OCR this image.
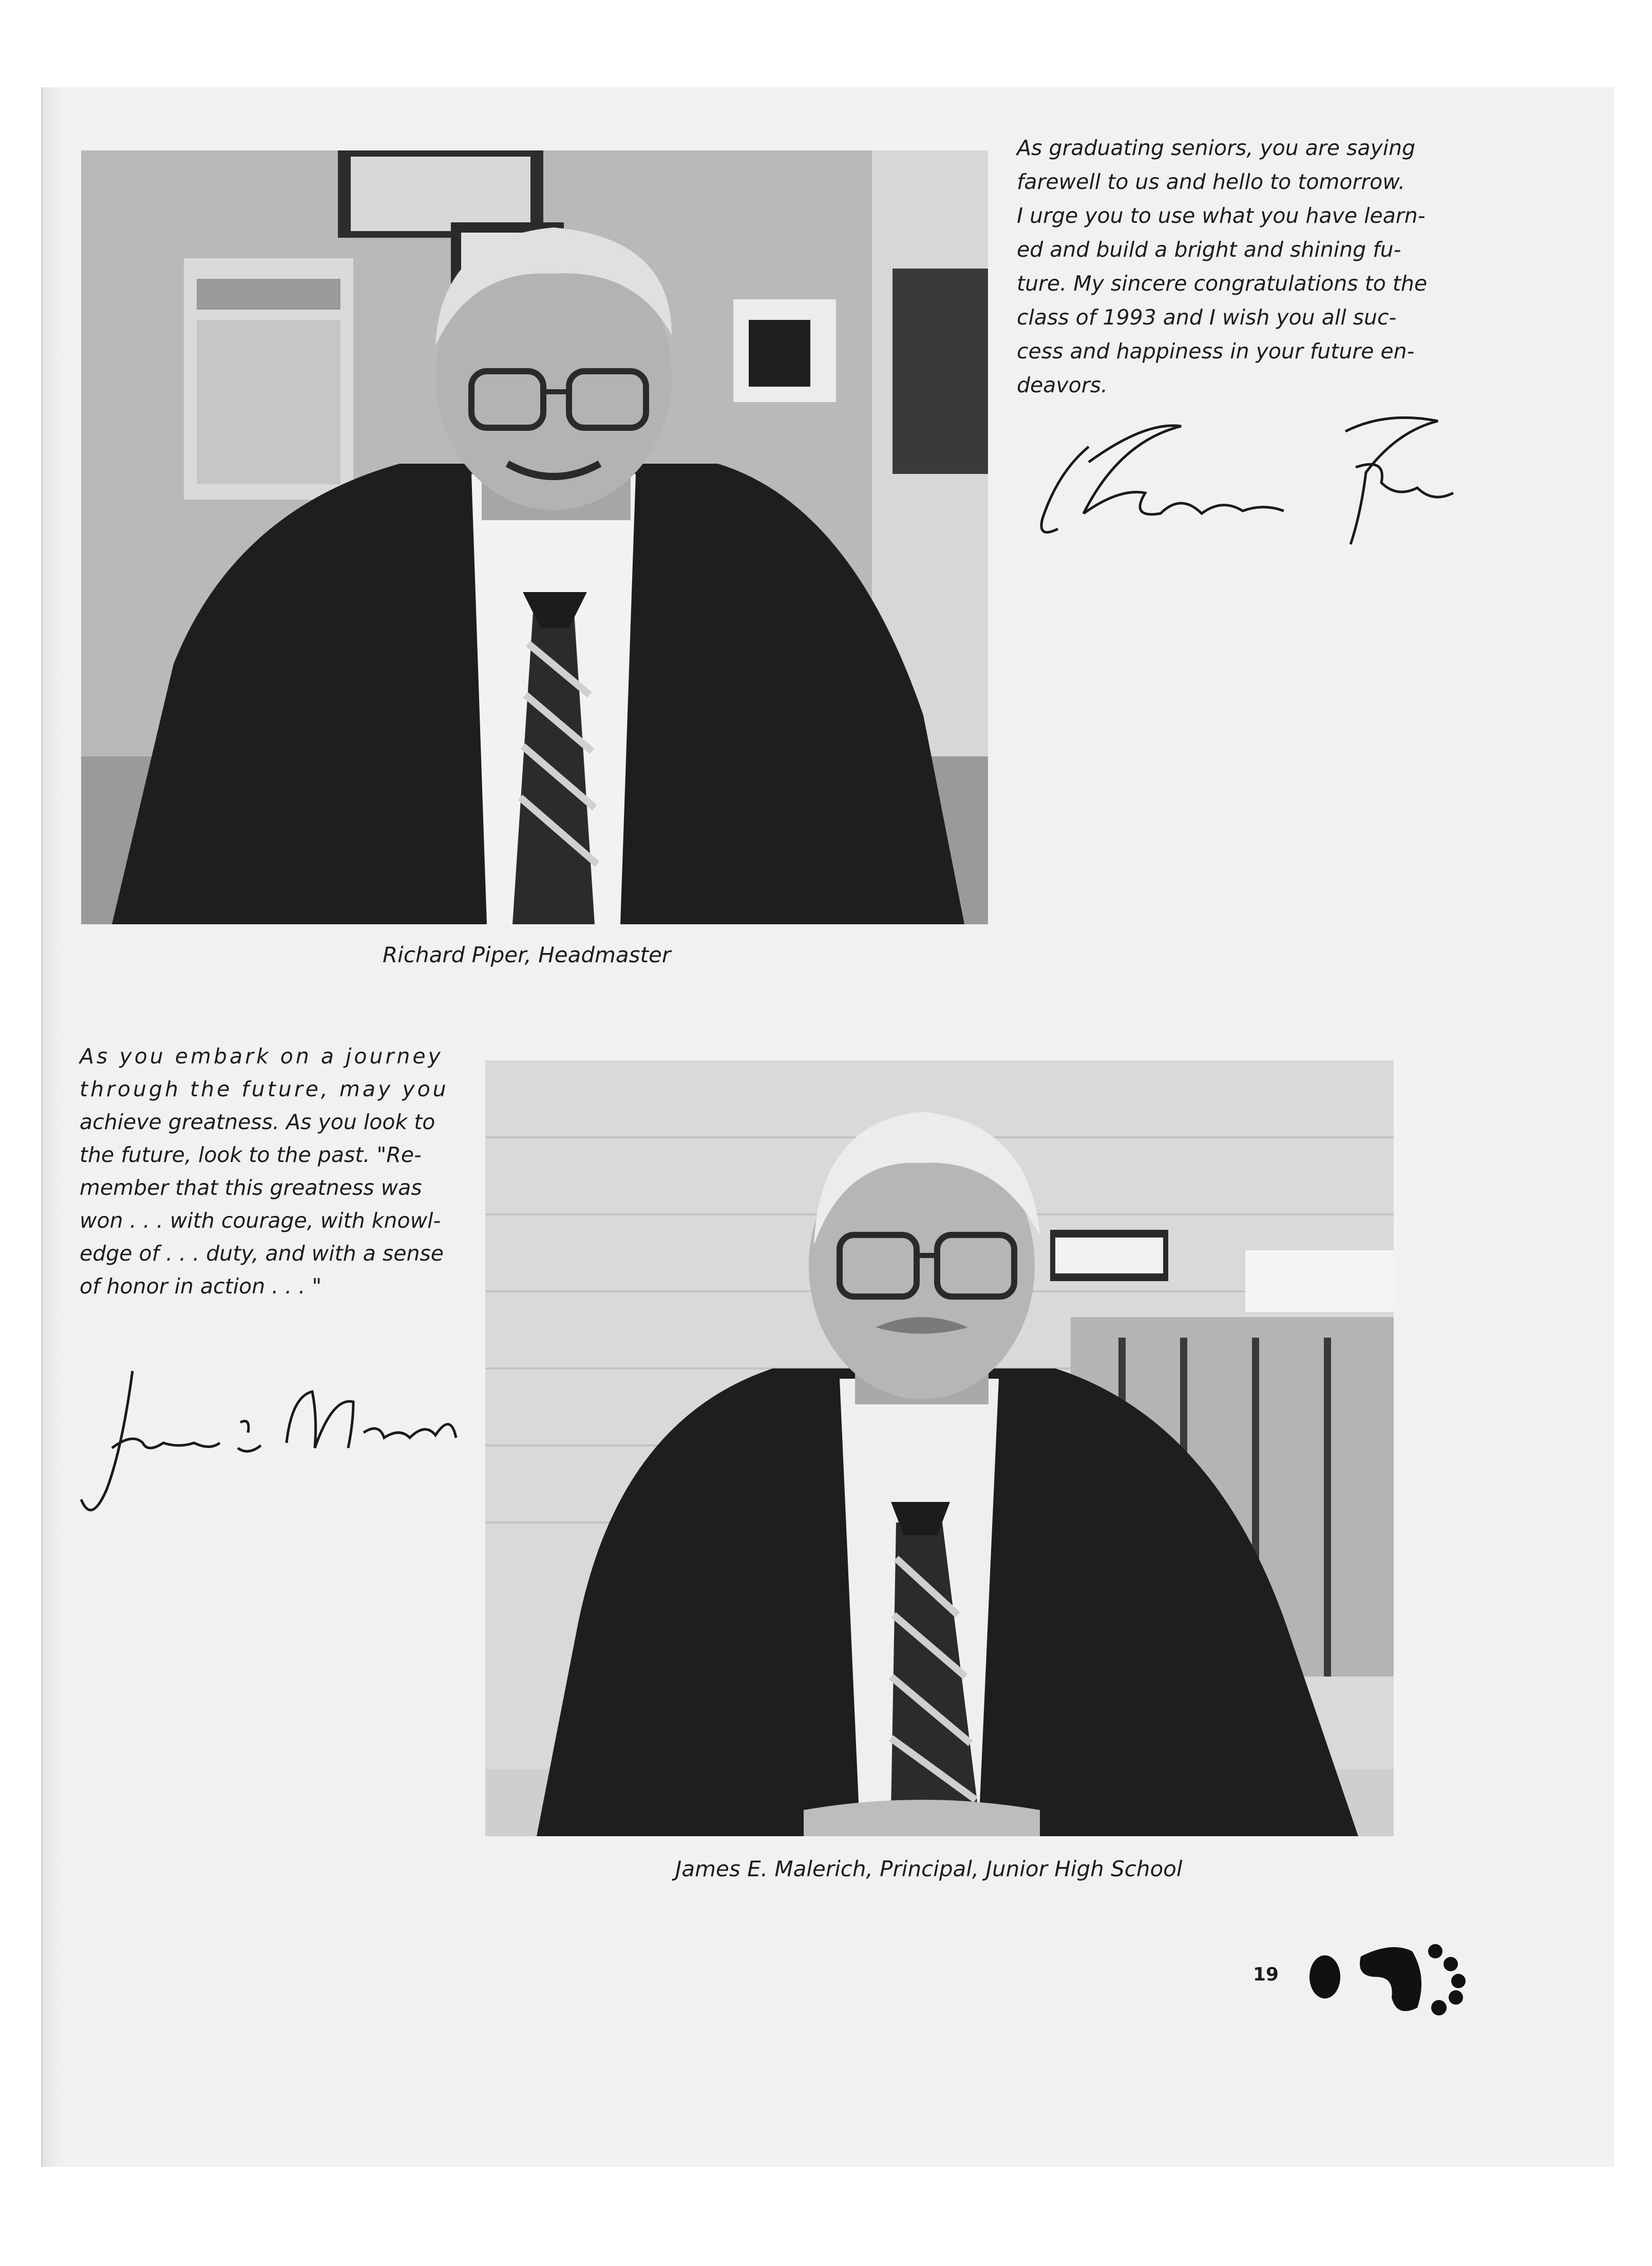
As graduating seniors, you are saying
farewell to us and hello to tomorrow.
I urge you to use what you have learn-
ed and build a bright and shining fu-
ture. My sincere congratulations to the
class of 1993 and I wish you all suc-
cess and happiness in your future en-
deavors.
Richard Piper, Headmaster
As you embark on a journey
through the future, may you
achieve greatness. As you look to
the future, look to the past. "Re-
member that this greatness was
won . . . with courage, with knowl-
edge of . . . duty, and with a sense
of honor in action . . . "
James E. Malerich, Principal, Junior High School
19
